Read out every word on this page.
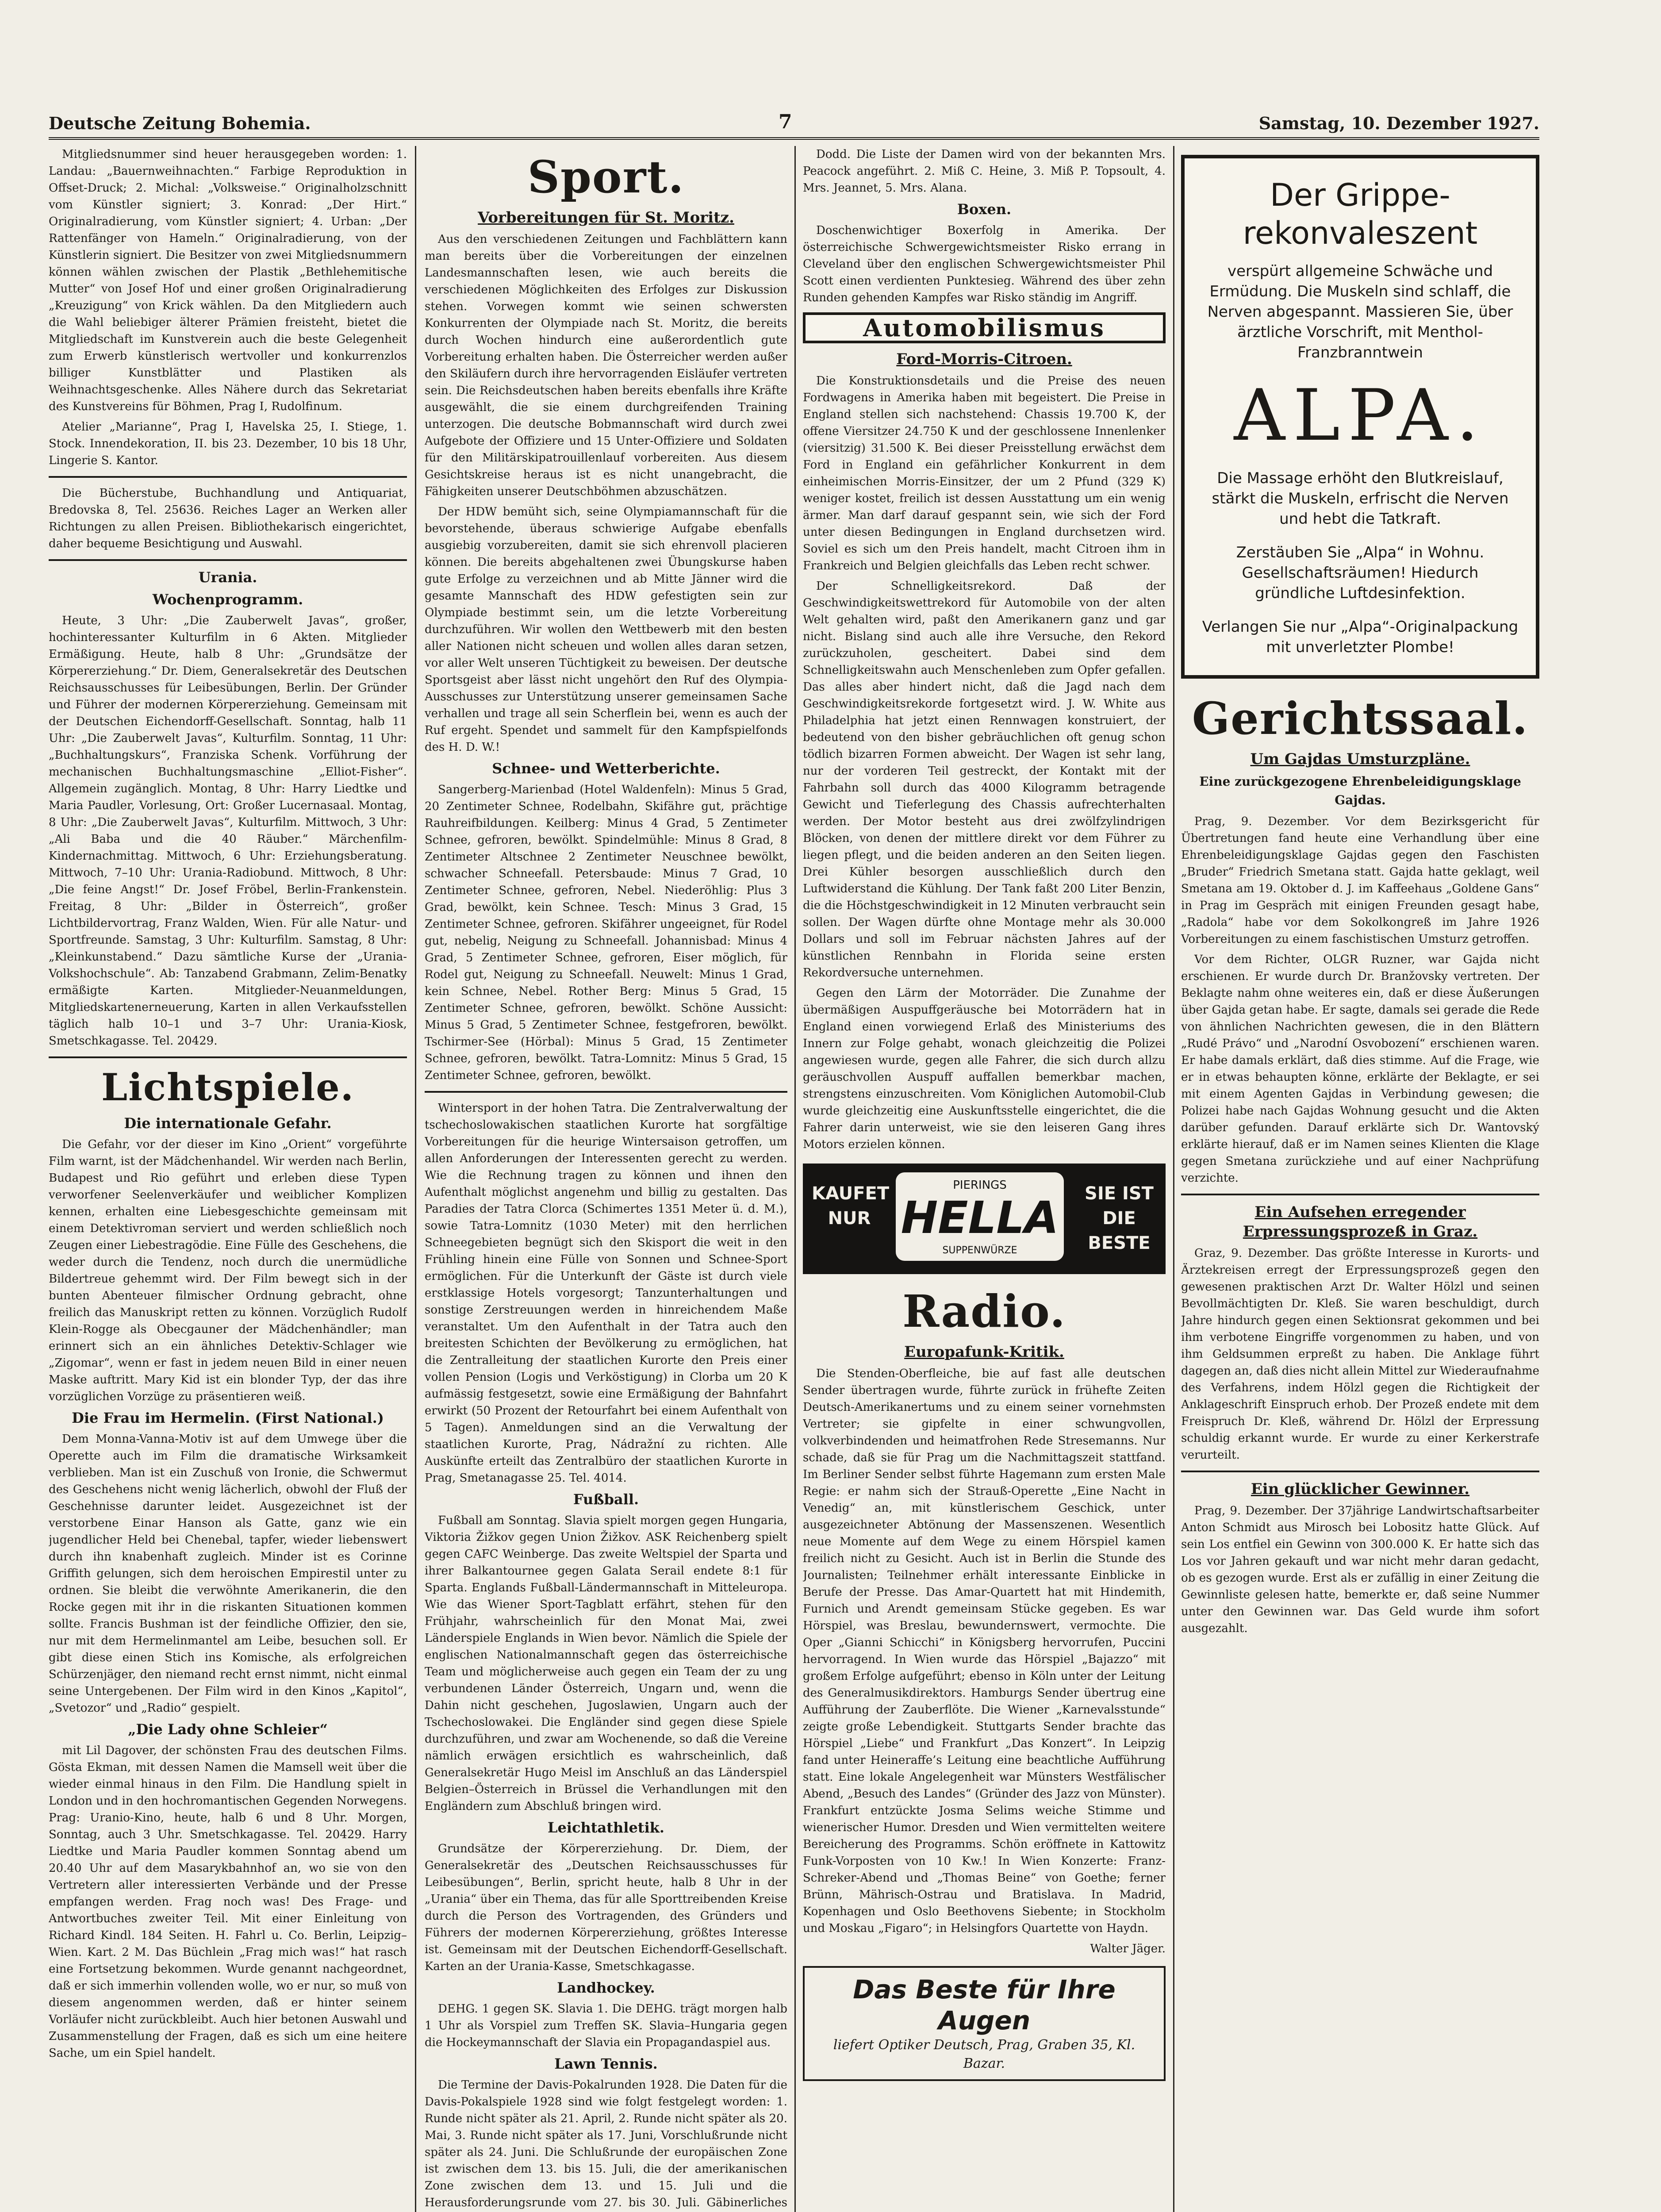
Deutsche Zeitung Bohemia.	7	Samstag, 10. Dezember 1927.

Mitgliedsnummer sind heuer herausgegeben worden: 1. Landau: „Bauernweihnachten.“ Farbige Reproduktion in Offset-Druck; 2. Michal: „Volksweise.“ Originalholzschnitt vom Künstler signiert; 3. Konrad: „Der Hirt.“ Originalradierung, vom Künstler signiert; 4. Urban: „Der Rattenfänger von Hameln.“ Originalradierung, von der Künstlerin signiert. Die Besitzer von zwei Mitgliedsnummern können wählen zwischen der Plastik „Bethlehemitische Mutter“ von Josef Hof und einer großen Originalradierung „Kreuzigung“ von Krick wählen. Da den Mitgliedern auch die Wahl beliebiger älterer Prämien freisteht, bietet die Mitgliedschaft im Kunstverein auch die beste Gelegenheit zum Erwerb künstlerisch wertvoller und konkurrenzlos billiger Kunstblätter und Plastiken als Weihnachtsgeschenke. Alles Nähere durch das Sekretariat des Kunstvereins für Böhmen, Prag I, Rudolfinum.

Atelier „Marianne“, Prag I, Havelska 25, I. Stiege, 1. Stock. Innendekoration, II. bis 23. Dezember, 10 bis 18 Uhr, Lingerie S. Kantor.

Die Bücherstube, Buchhandlung und Antiquariat, Bredovska 8, Tel. 25636. Reiches Lager an Werken aller Richtungen zu allen Preisen. Bibliothekarisch eingerichtet, daher bequeme Besichtigung und Auswahl.

Urania.
Wochenprogramm.

Heute, 3 Uhr: „Die Zauberwelt Javas“, großer, hochinteressanter Kulturfilm in 6 Akten. Mitglieder Ermäßigung. Heute, halb 8 Uhr: „Grundsätze der Körpererziehung.“ Dr. Diem, Generalsekretär des Deutschen Reichsausschusses für Leibesübungen, Berlin. Der Gründer und Führer der modernen Körpererziehung. Gemeinsam mit der Deutschen Eichendorff-Gesellschaft. Sonntag, halb 11 Uhr: „Die Zauberwelt Javas“, Kulturfilm. Sonntag, 11 Uhr: „Buchhaltungskurs“, Franziska Schenk. Vorführung der mechanischen Buchhaltungsmaschine „Elliot-Fisher“. Allgemein zugänglich. Montag, 8 Uhr: Harry Liedtke und Maria Paudler, Vorlesung, Ort: Großer Lucernasaal. Montag, 8 Uhr: „Die Zauberwelt Javas“, Kulturfilm. Mittwoch, 3 Uhr: „Ali Baba und die 40 Räuber.“ Märchenfilm-Kindernachmittag. Mittwoch, 6 Uhr: Erziehungsberatung. Mittwoch, 7–10 Uhr: Urania-Radiobund. Mittwoch, 8 Uhr: „Die feine Angst!“ Dr. Josef Fröbel, Berlin-Frankenstein. Freitag, 8 Uhr: „Bilder in Österreich“, großer Lichtbildervortrag, Franz Walden, Wien. Für alle Natur- und Sportfreunde. Samstag, 3 Uhr: Kulturfilm. Samstag, 8 Uhr: „Kleinkunstabend.“ Dazu sämtliche Kurse der „Urania-Volkshochschule“. Ab: Tanzabend Grabmann, Zelim-Benatky ermäßigte Karten. Mitglieder-Neuanmeldungen, Mitgliedskartenerneuerung, Karten in allen Verkaufsstellen täglich halb 10–1 und 3–7 Uhr: Urania-Kiosk, Smetschkagasse. Tel. 20429.

Lichtspiele.
Die internationale Gefahr.

Die Gefahr, vor der dieser im Kino „Orient“ vorgeführte Film warnt, ist der Mädchenhandel. Wir werden nach Berlin, Budapest und Rio geführt und erleben diese Typen verworfener Seelenverkäufer und weiblicher Komplizen kennen, erhalten eine Liebesgeschichte gemeinsam mit einem Detektivroman serviert und werden schließlich noch Zeugen einer Liebestragödie. Eine Fülle des Geschehens, die weder durch die Tendenz, noch durch die unermüdliche Bildertreue gehemmt wird. Der Film bewegt sich in der bunten Abenteuer filmischer Ordnung gebracht, ohne freilich das Manuskript retten zu können. Vorzüglich Rudolf Klein-Rogge als Obecgauner der Mädchenhändler; man erinnert sich an ein ähnliches Detektiv-Schlager wie „Zigomar“, wenn er fast in jedem neuen Bild in einer neuen Maske auftritt. Mary Kid ist ein blonder Typ, der das ihre vorzüglichen Vorzüge zu präsentieren weiß.

Die Frau im Hermelin. (First National.)

Dem Monna-Vanna-Motiv ist auf dem Umwege über die Operette auch im Film die dramatische Wirksamkeit verblieben. Man ist ein Zuschuß von Ironie, die Schwermut des Geschehens nicht wenig lächerlich, obwohl der Fluß der Geschehnisse darunter leidet. Ausgezeichnet ist der verstorbene Einar Hanson als Gatte, ganz wie ein jugendlicher Held bei Chenebal, tapfer, wieder liebenswert durch ihn knabenhaft zugleich. Minder ist es Corinne Griffith gelungen, sich dem heroischen Empirestil unter zu ordnen. Sie bleibt die verwöhnte Amerikanerin, die den Rocke gegen mit ihr in die riskanten Situationen kommen sollte. Francis Bushman ist der feindliche Offizier, den sie, nur mit dem Hermelinmantel am Leibe, besuchen soll. Er gibt diese einen Stich ins Komische, als erfolgreichen Schürzenjäger, den niemand recht ernst nimmt, nicht einmal seine Untergebenen. Der Film wird in den Kinos „Kapitol“, „Svetozor“ und „Radio“ gespielt.

„Die Lady ohne Schleier“

mit Lil Dagover, der schönsten Frau des deutschen Films. Gösta Ekman, mit dessen Namen die Mamsell weit über die wieder einmal hinaus in den Film. Die Handlung spielt in London und in den hochromantischen Gegenden Norwegens. Prag: Uranio-Kino, heute, halb 6 und 8 Uhr. Morgen, Sonntag, auch 3 Uhr. Smetschkagasse. Tel. 20429. Harry Liedtke und Maria Paudler kommen Sonntag abend um 20.40 Uhr auf dem Masarykbahnhof an, wo sie von den Vertretern aller interessierten Verbände und der Presse empfangen werden. Frag noch was! Des Frage- und Antwortbuches zweiter Teil. Mit einer Einleitung von Richard Kindl. 184 Seiten. H. Fahrl u. Co. Berlin, Leipzig–Wien. Kart. 2 M. Das Büchlein „Frag mich was!“ hat rasch eine Fortsetzung bekommen. Wurde genannt nachgeordnet, daß er sich immerhin vollenden wolle, wo er nur, so muß von diesem angenommen werden, daß er hinter seinem Vorläufer nicht zurückbleibt. Auch hier betonen Auswahl und Zusammenstellung der Fragen, daß es sich um eine heitere Sache, um ein Spiel handelt.

Sport.
Vorbereitungen für St. Moritz.

Aus den verschiedenen Zeitungen und Fachblättern kann man bereits über die Vorbereitungen der einzelnen Landesmannschaften lesen, wie auch bereits die verschiedenen Möglichkeiten des Erfolges zur Diskussion stehen. Vorwegen kommt wie seinen schwersten Konkurrenten der Olympiade nach St. Moritz, die bereits durch Wochen hindurch eine außerordentlich gute Vorbereitung erhalten haben. Die Österreicher werden außer den Skiläufern durch ihre hervorragenden Eisläufer vertreten sein. Die Reichsdeutschen haben bereits ebenfalls ihre Kräfte ausgewählt, die sie einem durchgreifenden Training unterzogen. Die deutsche Bobmannschaft wird durch zwei Aufgebote der Offiziere und 15 Unter-Offiziere und Soldaten für den Militärskipatrouillenlauf vorbereiten. Aus diesem Gesichtskreise heraus ist es nicht unangebracht, die Fähigkeiten unserer Deutschböhmen abzuschätzen.

Der HDW bemüht sich, seine Olympiamannschaft für die bevorstehende, überaus schwierige Aufgabe ebenfalls ausgiebig vorzubereiten, damit sie sich ehrenvoll placieren können. Die bereits abgehaltenen zwei Übungskurse haben gute Erfolge zu verzeichnen und ab Mitte Jänner wird die gesamte Mannschaft des HDW gefestigten sein zur Olympiade bestimmt sein, um die letzte Vorbereitung durchzuführen. Wir wollen den Wettbewerb mit den besten aller Nationen nicht scheuen und wollen alles daran setzen, vor aller Welt unseren Tüchtigkeit zu beweisen. Der deutsche Sportsgeist aber lässt nicht ungehört den Ruf des Olympia-Ausschusses zur Unterstützung unserer gemeinsamen Sache verhallen und trage all sein Scherflein bei, wenn es auch der Ruf ergeht. Spendet und sammelt für den Kampfspielfonds des H. D. W.!

Schnee- und Wetterberichte.

Sangerberg-Marienbad (Hotel Waldenfeln): Minus 5 Grad, 20 Zentimeter Schnee, Rodelbahn, Skifähre gut, prächtige Rauhreifbildungen. Keilberg: Minus 4 Grad, 5 Zentimeter Schnee, gefroren, bewölkt. Spindelmühle: Minus 8 Grad, 8 Zentimeter Altschnee 2 Zentimeter Neuschnee bewölkt, schwacher Schneefall. Petersbaude: Minus 7 Grad, 10 Zentimeter Schnee, gefroren, Nebel. Niederöhlig: Plus 3 Grad, bewölkt, kein Schnee. Tesch: Minus 3 Grad, 15 Zentimeter Schnee, gefroren. Skifährer ungeeignet, für Rodel gut, nebelig, Neigung zu Schneefall. Johannisbad: Minus 4 Grad, 5 Zentimeter Schnee, gefroren, Eiser möglich, für Rodel gut, Neigung zu Schneefall. Neuwelt: Minus 1 Grad, kein Schnee, Nebel. Rother Berg: Minus 5 Grad, 15 Zentimeter Schnee, gefroren, bewölkt. Schöne Aussicht: Minus 5 Grad, 5 Zentimeter Schnee, festgefroren, bewölkt. Tschirmer-See (Hörbal): Minus 5 Grad, 15 Zentimeter Schnee, gefroren, bewölkt. Tatra-Lomnitz: Minus 5 Grad, 15 Zentimeter Schnee, gefroren, bewölkt.

Wintersport in der hohen Tatra. Die Zentralverwaltung der tschechoslowakischen staatlichen Kurorte hat sorgfältige Vorbereitungen für die heurige Wintersaison getroffen, um allen Anforderungen der Interessenten gerecht zu werden. Wie die Rechnung tragen zu können und ihnen den Aufenthalt möglichst angenehm und billig zu gestalten. Das Paradies der Tatra Clorca (Schimertes 1351 Meter ü. d. M.), sowie Tatra-Lomnitz (1030 Meter) mit den herrlichen Schneegebieten begnügt sich den Skisport die weit in den Frühling hinein eine Fülle von Sonnen und Schnee-Sport ermöglichen. Für die Unterkunft der Gäste ist durch viele erstklassige Hotels vorgesorgt; Tanzunterhaltungen und sonstige Zerstreuungen werden in hinreichendem Maße veranstaltet. Um den Aufenthalt in der Tatra auch den breitesten Schichten der Bevölkerung zu ermöglichen, hat die Zentralleitung der staatlichen Kurorte den Preis einer vollen Pension (Logis und Verköstigung) in Clorba um 20 K aufmässig festgesetzt, sowie eine Ermäßigung der Bahnfahrt erwirkt (50 Prozent der Retourfahrt bei einem Aufenthalt von 5 Tagen). Anmeldungen sind an die Verwaltung der staatlichen Kurorte, Prag, Nádražní zu richten. Alle Auskünfte erteilt das Zentralbüro der staatlichen Kurorte in Prag, Smetanagasse 25. Tel. 4014.

Fußball.

Fußball am Sonntag. Slavia spielt morgen gegen Hungaria, Viktoria Žižkov gegen Union Žižkov. ASK Reichenberg spielt gegen CAFC Weinberge. Das zweite Weltspiel der Sparta und ihrer Balkantournee gegen Galata Serail endete 8:1 für Sparta. Englands Fußball-Ländermannschaft in Mitteleuropa. Wie das Wiener Sport-Tagblatt erfährt, stehen für den Frühjahr, wahrscheinlich für den Monat Mai, zwei Länderspiele Englands in Wien bevor. Nämlich die Spiele der englischen Nationalmannschaft gegen das österreichische Team und möglicherweise auch gegen ein Team der zu ung verbundenen Länder Österreich, Ungarn und, wenn die Dahin nicht geschehen, Jugoslawien, Ungarn auch der Tschechoslowakei. Die Engländer sind gegen diese Spiele durchzuführen, und zwar am Wochenende, so daß die Vereine nämlich erwägen ersichtlich es wahrscheinlich, daß Generalsekretär Hugo Meisl im Anschluß an das Länderspiel Belgien–Österreich in Brüssel die Verhandlungen mit den Engländern zum Abschluß bringen wird.

Leichtathletik.

Grundsätze der Körpererziehung. Dr. Diem, der Generalsekretär des „Deutschen Reichsausschusses für Leibesübungen“, Berlin, spricht heute, halb 8 Uhr in der „Urania“ über ein Thema, das für alle Sporttreibenden Kreise durch die Person des Vortragenden, des Gründers und Führers der modernen Körpererziehung, größtes Interesse ist. Gemeinsam mit der Deutschen Eichendorff-Gesellschaft. Karten an der Urania-Kasse, Smetschkagasse.

Landhockey.

DEHG. 1 gegen SK. Slavia 1. Die DEHG. trägt morgen halb 1 Uhr als Vorspiel zum Treffen SK. Slavia–Hungaria gegen die Hockeymannschaft der Slavia ein Propagandaspiel aus.

Lawn Tennis.

Die Termine der Davis-Pokalrunden 1928. Die Daten für die Davis-Pokalspiele 1928 sind wie folgt festgelegt worden: 1. Runde nicht später als 21. April, 2. Runde nicht später als 20. Mai, 3. Runde nicht später als 17. Juni, Vorschlußrunde nicht später als 24. Juni. Die Schlußrunde der europäischen Zone ist zwischen dem 13. bis 15. Juli, die der amerikanischen Zone zwischen dem 13. und 15. Juli und die Herausforderungsrunde vom 27. bis 30. Juli. Gäbinerliches

Dodd. Die Liste der Damen wird von der bekannten Mrs. Peacock angeführt. 2. Miß C. Heine, 3. Miß P. Topsoult, 4. Mrs. Jeannet, 5. Mrs. Alana.

Boxen.

Doschenwichtiger Boxerfolg in Amerika. Der österreichische Schwergewichtsmeister Risko errang in Cleveland über den englischen Schwergewichtsmeister Phil Scott einen verdienten Punktesieg. Während des über zehn Runden gehenden Kampfes war Risko ständig im Angriff.

Automobilismus
Ford-Morris-Citroen.

Die Konstruktionsdetails und die Preise des neuen Fordwagens in Amerika haben mit begeistert. Die Preise in England stellen sich nachstehend: Chassis 19.700 K, der offene Viersitzer 24.750 K und der geschlossene Innenlenker (viersitzig) 31.500 K. Bei dieser Preisstellung erwächst dem Ford in England ein gefährlicher Konkurrent in dem einheimischen Morris-Einsitzer, der um 2 Pfund (329 K) weniger kostet, freilich ist dessen Ausstattung um ein wenig ärmer. Man darf darauf gespannt sein, wie sich der Ford unter diesen Bedingungen in England durchsetzen wird. Soviel es sich um den Preis handelt, macht Citroen ihm in Frankreich und Belgien gleichfalls das Leben recht schwer.

Der Schnelligkeitsrekord. Daß der Geschwindigkeitswettrekord für Automobile von der alten Welt gehalten wird, paßt den Amerikanern ganz und gar nicht. Bislang sind auch alle ihre Versuche, den Rekord zurückzuholen, gescheitert. Dabei sind dem Schnelligkeitswahn auch Menschenleben zum Opfer gefallen. Das alles aber hindert nicht, daß die Jagd nach dem Geschwindigkeitsrekorde fortgesetzt wird. J. W. White aus Philadelphia hat jetzt einen Rennwagen konstruiert, der bedeutend von den bisher gebräuchlichen oft genug schon tödlich bizarren Formen abweicht. Der Wagen ist sehr lang, nur der vorderen Teil gestreckt, der Kontakt mit der Fahrbahn soll durch das 4000 Kilogramm betragende Gewicht und Tieferlegung des Chassis aufrechterhalten werden. Der Motor besteht aus drei zwölfzylindrigen Blöcken, von denen der mittlere direkt vor dem Führer zu liegen pflegt, und die beiden anderen an den Seiten liegen. Drei Kühler besorgen ausschließlich durch den Luftwiderstand die Kühlung. Der Tank faßt 200 Liter Benzin, die die Höchstgeschwindigkeit in 12 Minuten verbraucht sein sollen. Der Wagen dürfte ohne Montage mehr als 30.000 Dollars und soll im Februar nächsten Jahres auf der künstlichen Rennbahn in Florida seine ersten Rekordversuche unternehmen.

Gegen den Lärm der Motorräder. Die Zunahme der übermäßigen Auspuffgeräusche bei Motorrädern hat in England einen vorwiegend Erlaß des Ministeriums des Innern zur Folge gehabt, wonach gleichzeitig die Polizei angewiesen wurde, gegen alle Fahrer, die sich durch allzu geräuschvollen Auspuff auffallen bemerkbar machen, strengstens einzuschreiten. Vom Königlichen Automobil-Club wurde gleichzeitig eine Auskunftsstelle eingerichtet, die die Fahrer darin unterweist, wie sie den leiseren Gang ihres Motors erzielen können.

KAUFET NUR
PIERINGS
HELLA
SUPPENWÜRZE
SIE IST DIE BESTE
Radio.
Europafunk-Kritik.

Die Stenden-Oberfleiche, bie auf fast alle deutschen Sender übertragen wurde, führte zurück in frühefte Zeiten Deutsch-Amerikanertums und zu einem seiner vornehmsten Vertreter; sie gipfelte in einer schwungvollen, volkverbindenden und heimatfrohen Rede Stresemanns. Nur schade, daß sie für Prag um die Nachmittagszeit stattfand. Im Berliner Sender selbst führte Hagemann zum ersten Male Regie: er nahm sich der Strauß-Operette „Eine Nacht in Venedig“ an, mit künstlerischem Geschick, unter ausgezeichneter Abtönung der Massenszenen. Wesentlich neue Momente auf dem Wege zu einem Hörspiel kamen freilich nicht zu Gesicht. Auch ist in Berlin die Stunde des Journalisten; Teilnehmer erhält interessante Einblicke in Berufe der Presse. Das Amar-Quartett hat mit Hindemith, Furnich und Arendt gemeinsam Stücke gegeben. Es war Hörspiel, was Breslau, bewundernswert, vermochte. Die Oper „Gianni Schicchi“ in Königsberg hervorrufen, Puccini hervorragend. In Wien wurde das Hörspiel „Bajazzo“ mit großem Erfolge aufgeführt; ebenso in Köln unter der Leitung des Generalmusikdirektors. Hamburgs Sender übertrug eine Aufführung der Zauberflöte. Die Wiener „Karnevalsstunde“ zeigte große Lebendigkeit. Stuttgarts Sender brachte das Hörspiel „Liebe“ und Frankfurt „Das Konzert“. In Leipzig fand unter Heineraffe’s Leitung eine beachtliche Aufführung statt. Eine lokale Angelegenheit war Münsters Westfälischer Abend, „Besuch des Landes“ (Gründer des Jazz von Münster). Frankfurt entzückte Josma Selims weiche Stimme und wienerischer Humor. Dresden und Wien vermittelten weitere Bereicherung des Programms. Schön eröffnete in Kattowitz Funk-Vorposten von 10 Kw.! In Wien Konzerte: Franz-Schreker-Abend und „Thomas Beine“ von Goethe; ferner Brünn, Mährisch-Ostrau und Bratislava. In Madrid, Kopenhagen und Oslo Beethovens Siebente; in Stockholm und Moskau „Figaro“; in Helsingfors Quartette von Haydn.

Walter Jäger.

Das Beste für Ihre Augen
liefert Optiker Deutsch, Prag, Graben 35, Kl. Bazar.
Der Grippe-rekonvaleszent
verspürt allgemeine Schwäche und Ermüdung. Die Muskeln sind schlaff, die Nerven abgespannt. Massieren Sie, über ärztliche Vorschrift, mit Menthol-Franzbranntwein
ALPA.
Die Massage erhöht den Blutkreislauf, stärkt die Muskeln, erfrischt die Nerven und hebt die Tatkraft.
Zerstäuben Sie „Alpa“ in Wohnu. Gesellschaftsräumen! Hiedurch gründliche Luftdesinfektion.
Verlangen Sie nur „Alpa“-Originalpackung mit unverletzter Plombe!
Gerichtssaal.
Um Gajdas Umsturzpläne.
Eine zurückgezogene Ehrenbeleidigungsklage Gajdas.

Prag, 9. Dezember. Vor dem Bezirksgericht für Übertretungen fand heute eine Verhandlung über eine Ehrenbeleidigungsklage Gajdas gegen den Faschisten „Bruder“ Friedrich Smetana statt. Gajda hatte geklagt, weil Smetana am 19. Oktober d. J. im Kaffeehaus „Goldene Gans“ in Prag im Gespräch mit einigen Freunden gesagt habe, „Radola“ habe vor dem Sokolkongreß im Jahre 1926 Vorbereitungen zu einem faschistischen Umsturz getroffen.

Vor dem Richter, OLGR Ruzner, war Gajda nicht erschienen. Er wurde durch Dr. Branžovsky vertreten. Der Beklagte nahm ohne weiteres ein, daß er diese Äußerungen über Gajda getan habe. Er sagte, damals sei gerade die Rede von ähnlichen Nachrichten gewesen, die in den Blättern „Rudé Právo“ und „Narodní Osvobození“ erschienen waren. Er habe damals erklärt, daß dies stimme. Auf die Frage, wie er in etwas behaupten könne, erklärte der Beklagte, er sei mit einem Agenten Gajdas in Verbindung gewesen; die Polizei habe nach Gajdas Wohnung gesucht und die Akten darüber gefunden. Darauf erklärte sich Dr. Wantovský erklärte hierauf, daß er im Namen seines Klienten die Klage gegen Smetana zurückziehe und auf einer Nachprüfung verzichte.

Ein Aufsehen erregender Erpressungsprozeß in Graz.

Graz, 9. Dezember. Das größte Interesse in Kurorts- und Ärztekreisen erregt der Erpressungsprozeß gegen den gewesenen praktischen Arzt Dr. Walter Hölzl und seinen Bevollmächtigten Dr. Kleß. Sie waren beschuldigt, durch Jahre hindurch gegen einen Sektionsrat gekommen und bei ihm verbotene Eingriffe vorgenommen zu haben, und von ihm Geldsummen erpreßt zu haben. Die Anklage führt dagegen an, daß dies nicht allein Mittel zur Wiederaufnahme des Verfahrens, indem Hölzl gegen die Richtigkeit der Anklageschrift Einspruch erhob. Der Prozeß endete mit dem Freispruch Dr. Kleß, während Dr. Hölzl der Erpressung schuldig erkannt wurde. Er wurde zu einer Kerkerstrafe verurteilt.

Ein glücklicher Gewinner.

Prag, 9. Dezember. Der 37jährige Landwirtschaftsarbeiter Anton Schmidt aus Mirosch bei Lobositz hatte Glück. Auf sein Los entfiel ein Gewinn von 300.000 K. Er hatte sich das Los vor Jahren gekauft und war nicht mehr daran gedacht, ob es gezogen wurde. Erst als er zufällig in einer Zeitung die Gewinnliste gelesen hatte, bemerkte er, daß seine Nummer unter den Gewinnen war. Das Geld wurde ihm sofort ausgezahlt.
